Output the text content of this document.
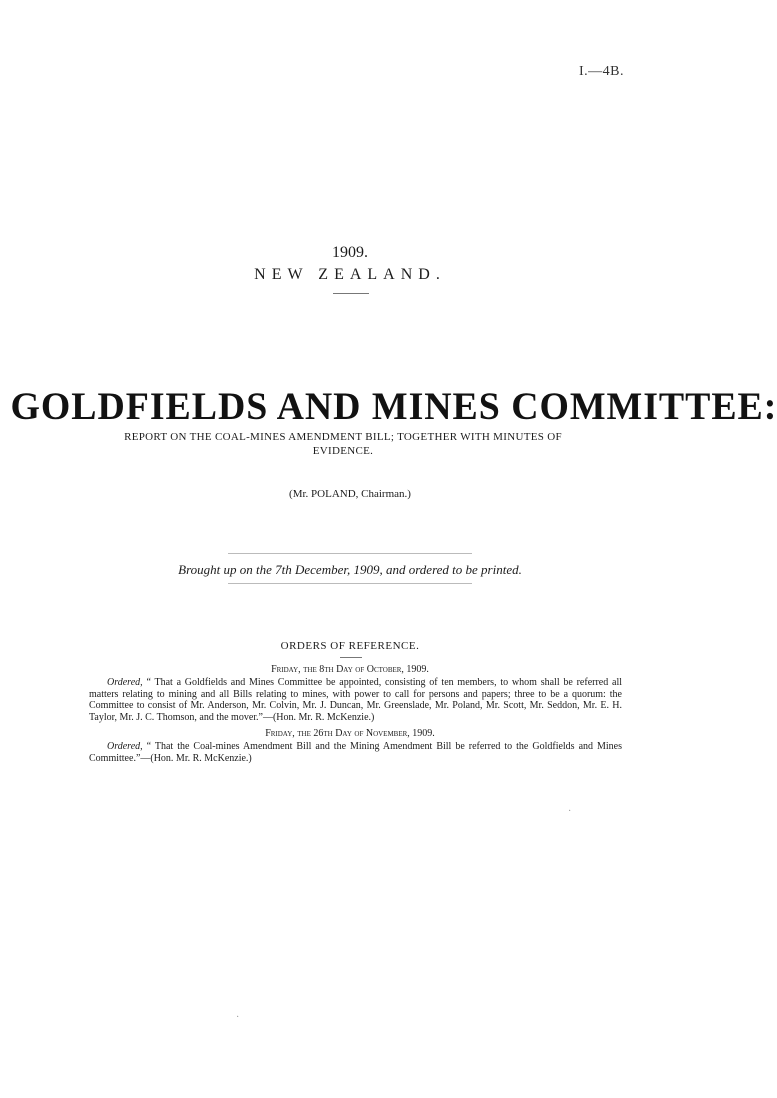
I.—4B.
1909.
NEW ZEALAND.
GOLDFIELDS AND MINES COMMITTEE:
REPORT ON THE COAL-MINES AMENDMENT BILL; TOGETHER WITH MINUTES OF EVIDENCE.
(Mr. POLAND, Chairman.)
Brought up on the 7th December, 1909, and ordered to be printed.
ORDERS OF REFERENCE.
Friday, the 8th Day of October, 1909.
Ordered, “ That a Goldfields and Mines Committee be appointed, consisting of ten members, to whom shall be referred all matters relating to mining and all Bills relating to mines, with power to call for persons and papers; three to be a quorum: the Committee to consist of Mr. Anderson, Mr. Colvin, Mr. J. Duncan, Mr. Greenslade, Mr. Poland, Mr. Scott, Mr. Seddon, Mr. E. H. Taylor, Mr. J. C. Thomson, and the mover.”—(Hon. Mr. R. McKenzie.)
Friday, the 26th Day of November, 1909.
Ordered, “ That the Coal-mines Amendment Bill and the Mining Amendment Bill be referred to the Goldfields and Mines Committee.”—(Hon. Mr. R. McKenzie.)
·
·
